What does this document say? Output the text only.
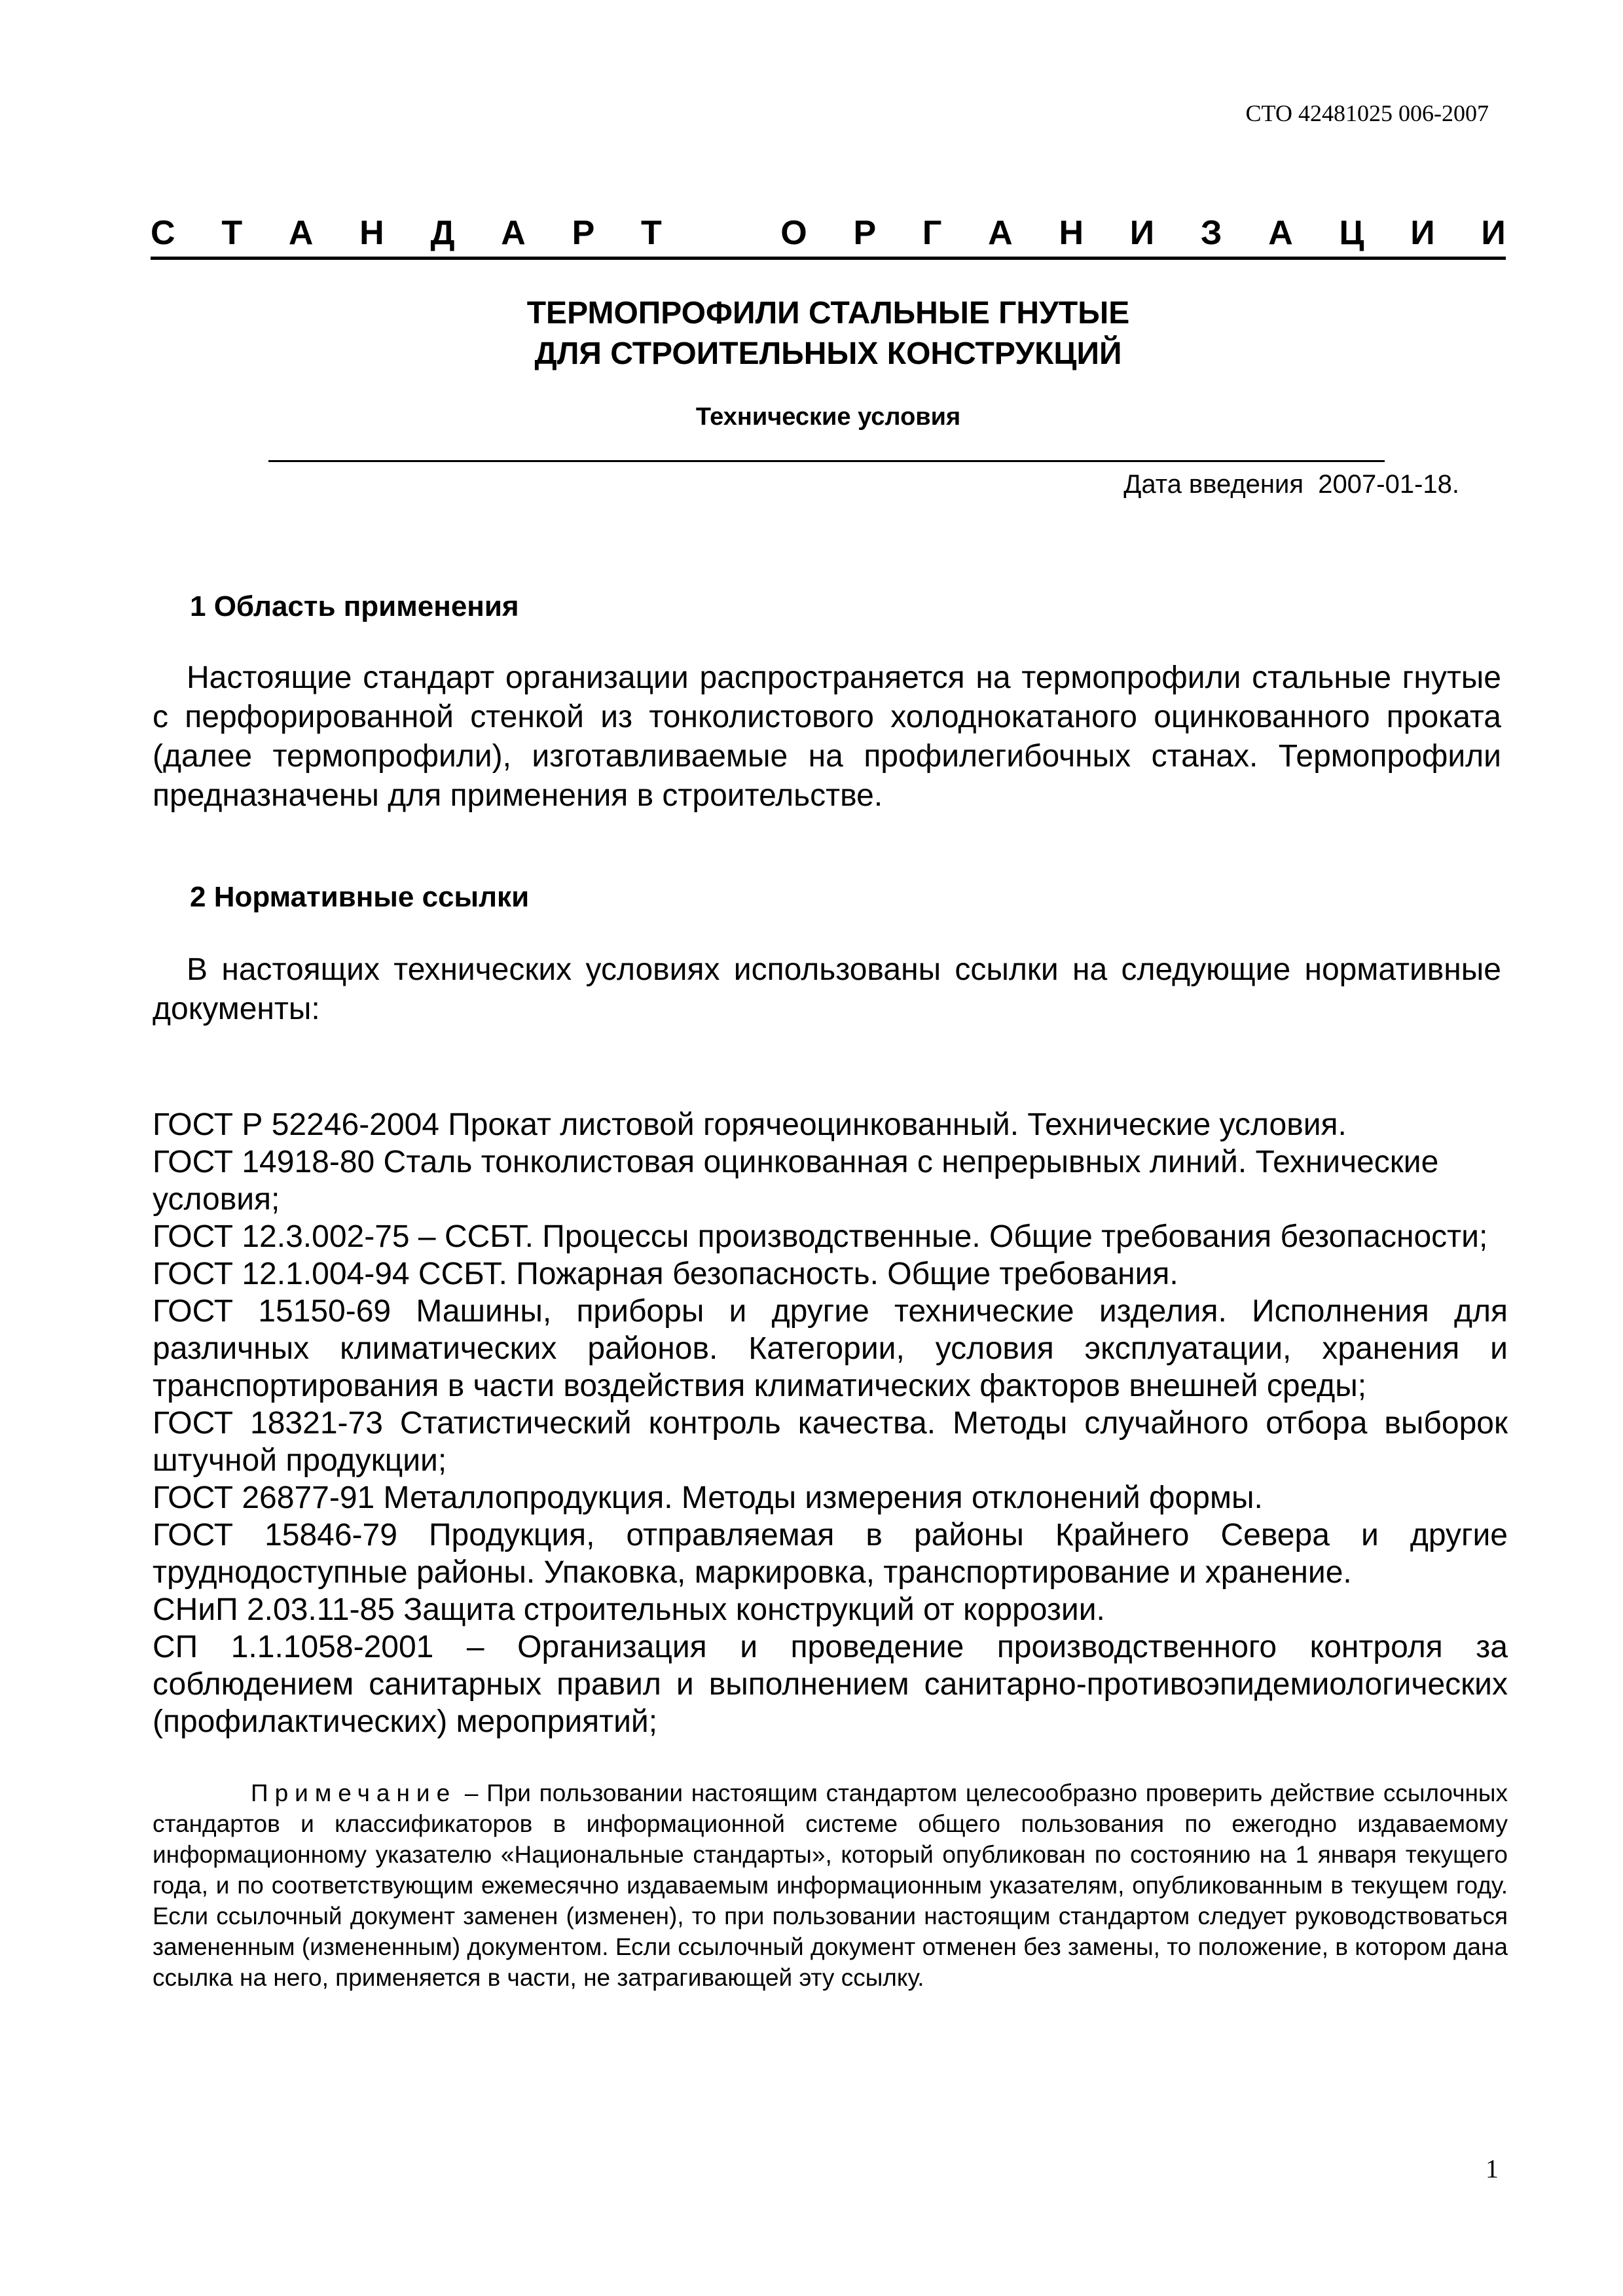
СТО 42481025 006-2007
С Т А Н Д А Р Т	О Р Г А Н И З А Ц И И
ТЕРМОПРОФИЛИ СТАЛЬНЫЕ ГНУТЫЕ
ДЛЯ СТРОИТЕЛЬНЫХ КОНСТРУКЦИЙ
Технические условия
Дата введения 2007-01-18.
1 Область применения
Настоящие стандарт организации распространяется на термопрофили стальные гнутые с перфорированной стенкой из тонколистового холоднокатаного оцинкованного проката (далее термопрофили), изготавливаемые на профилегибочных станах. Термопрофили предназначены для применения в строительстве.
2 Нормативные ссылки
В настоящих технических условиях использованы ссылки на следующие нормативные документы:
ГОСТ Р 52246-2004 Прокат листовой горячеоцинкованный. Технические условия.
ГОСТ 14918-80 Сталь тонколистовая оцинкованная с непрерывных линий. Технические условия;
ГОСТ 12.3.002-75 – ССБТ. Процессы производственные. Общие требования безопасности;
ГОСТ 12.1.004-94 ССБТ. Пожарная безопасность. Общие требования.
ГОСТ 15150-69 Машины, приборы и другие технические изделия. Исполнения для различных климатических районов. Категории, условия эксплуатации, хранения и транспортирования в части воздействия климатических факторов внешней среды;
ГОСТ 18321-73 Статистический контроль качества. Методы случайного отбора выборок штучной продукции;
ГОСТ 26877-91 Металлопродукция. Методы измерения отклонений формы.
ГОСТ 15846-79 Продукция, отправляемая в районы Крайнего Севера и другие труднодоступные районы. Упаковка, маркировка, транспортирование и хранение.
СНиП 2.03.11-85 Защита строительных конструкций от коррозии.
СП 1.1.1058-2001 – Организация и проведение производственного контроля за соблюдением санитарных правил и выполнением санитарно-противоэпидемиологических (профилактических) мероприятий;
Примечание – При пользовании настоящим стандартом целесообразно проверить действие ссылочных стандартов и классификаторов в информационной системе общего пользования по ежегодно издаваемому информационному указателю «Национальные стандарты», который опубликован по состоянию на 1 января текущего года, и по соответствующим ежемесячно издаваемым информационным указателям, опубликованным в текущем году. Если ссылочный документ заменен (изменен), то при пользовании настоящим стандартом следует руководствоваться замененным (измененным) документом. Если ссылочный документ отменен без замены, то положение, в котором дана ссылка на него, применяется в части, не затрагивающей эту ссылку.
1
